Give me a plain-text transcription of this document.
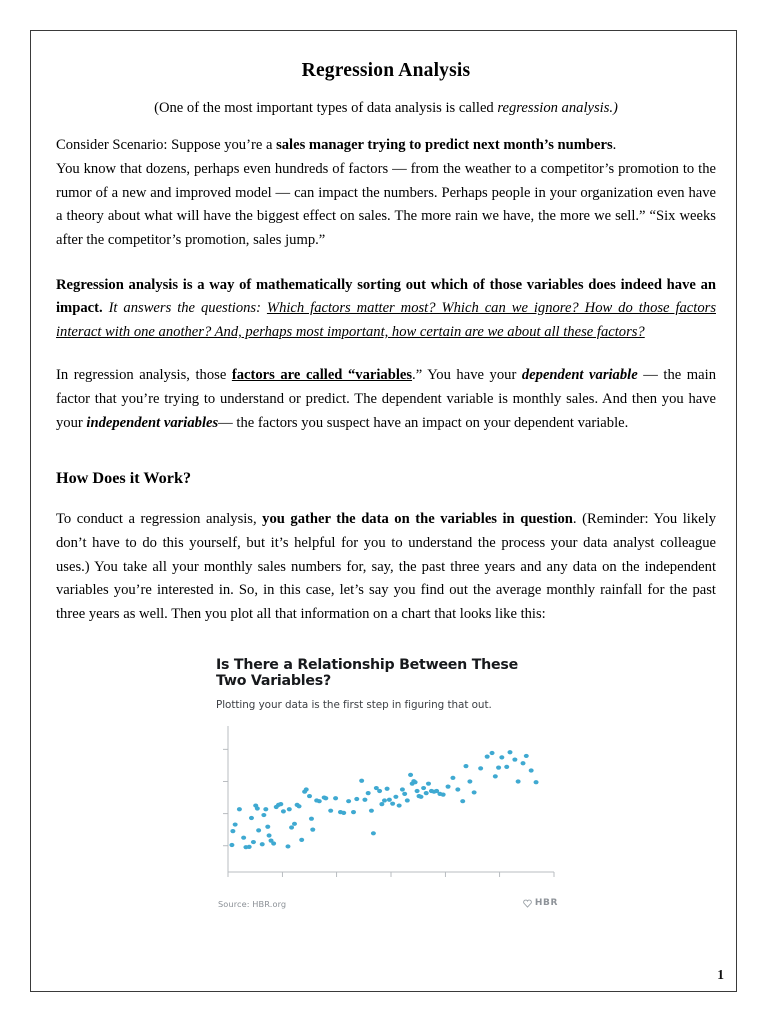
Regression Analysis

(One of the most important types of data analysis is called regression analysis.)

Consider Scenario: Suppose you’re a sales manager trying to predict next month’s numbers.
You know that dozens, perhaps even hundreds of factors — from the weather to a competitor’s promotion to the rumor of a new and improved model — can impact the numbers. Perhaps people in your organization even have a theory about what will have the biggest effect on sales. The more rain we have, the more we sell.” “Six weeks after the competitor’s promotion, sales jump.”

Regression analysis is a way of mathematically sorting out which of those variables does indeed have an impact. It answers the questions: Which factors matter most? Which can we ignore? How do those factors interact with one another? And, perhaps most important, how certain are we about all these factors?

In regression analysis, those factors are called “variables.” You have your dependent variable — the main factor that you’re trying to understand or predict. The dependent variable is monthly sales. And then you have your independent variables— the factors you suspect have an impact on your dependent variable.

How Does it Work?

To conduct a regression analysis, you gather the data on the variables in question. (Reminder: You likely don’t have to do this yourself, but it’s helpful for you to understand the process your data analyst colleague uses.) You take all your monthly sales numbers for, say, the past three years and any data on the independent variables you’re interested in. So, in this case, let’s say you find out the average monthly rainfall for the past three years as well. Then you plot all that information on a chart that looks like this:

Is There a Relationship Between These Two Variables?
Plotting your data is the first step in figuring that out.
Source: HBR.org	HBR
1
